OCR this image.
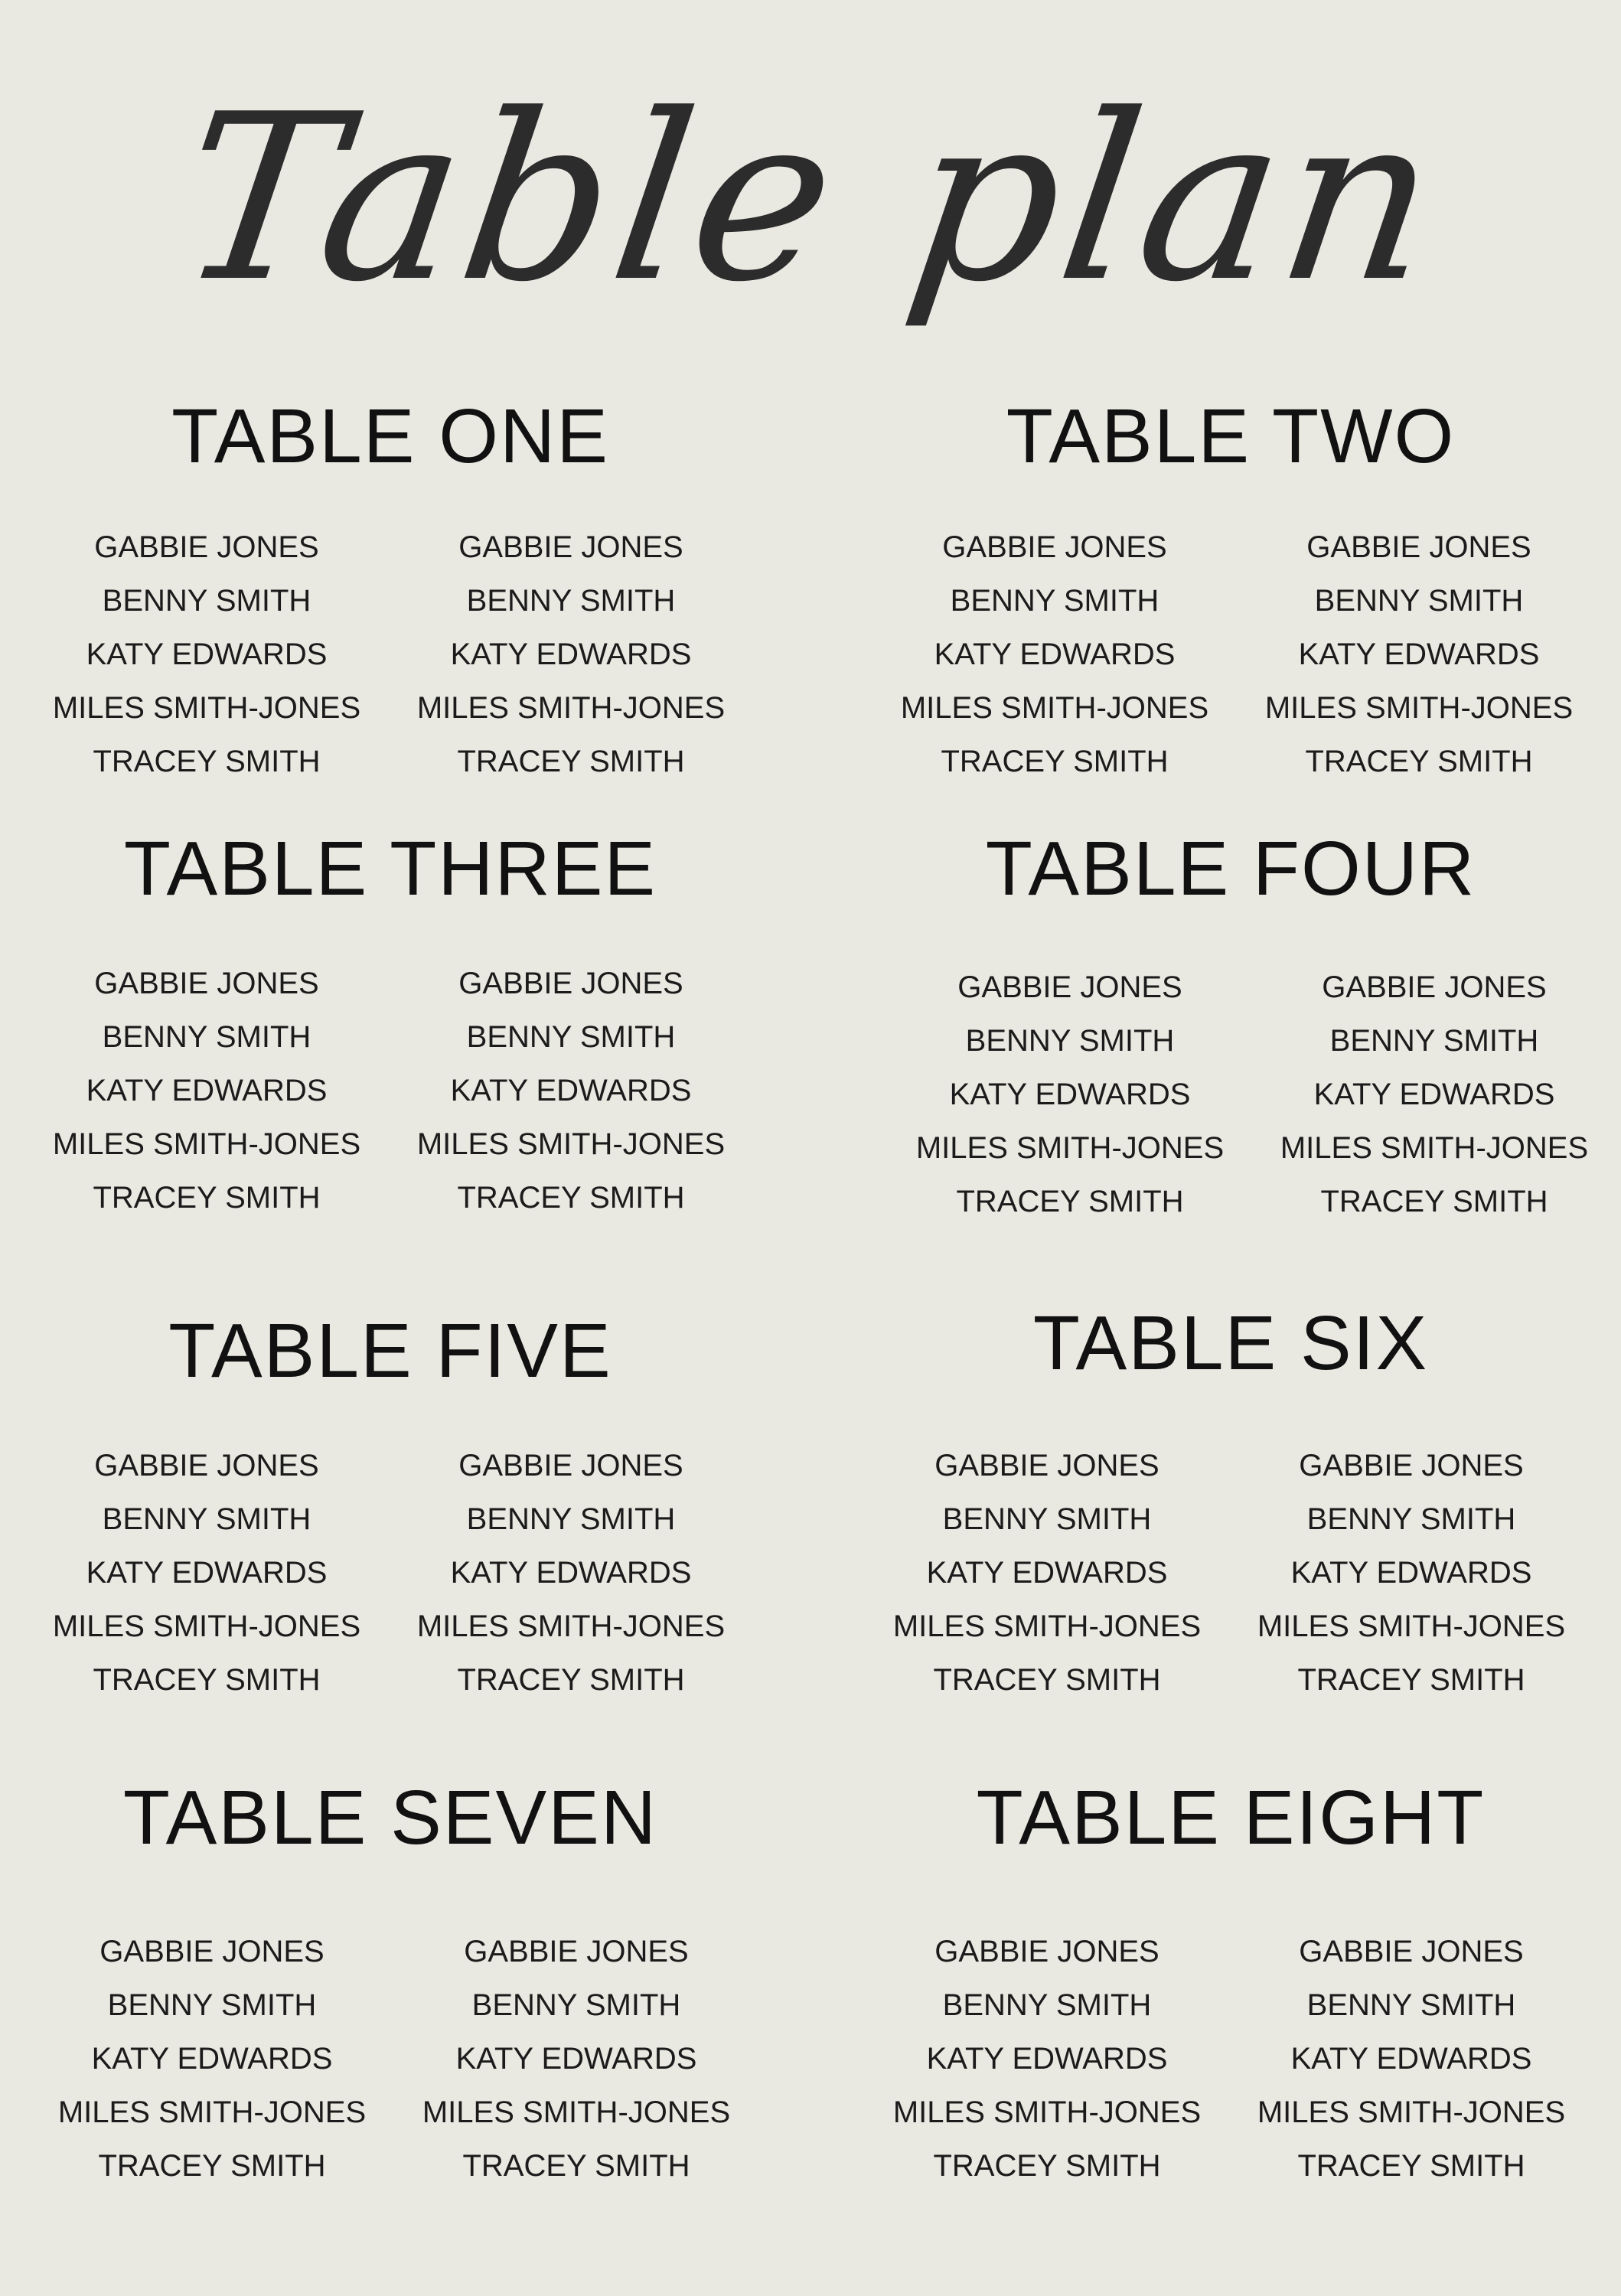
Table plan
TABLE ONE
GABBIE JONES
BENNY SMITH
KATY EDWARDS
MILES SMITH-JONES
TRACEY SMITH
GABBIE JONES
BENNY SMITH
KATY EDWARDS
MILES SMITH-JONES
TRACEY SMITH
TABLE TWO
GABBIE JONES
BENNY SMITH
KATY EDWARDS
MILES SMITH-JONES
TRACEY SMITH
GABBIE JONES
BENNY SMITH
KATY EDWARDS
MILES SMITH-JONES
TRACEY SMITH
TABLE THREE
GABBIE JONES
BENNY SMITH
KATY EDWARDS
MILES SMITH-JONES
TRACEY SMITH
GABBIE JONES
BENNY SMITH
KATY EDWARDS
MILES SMITH-JONES
TRACEY SMITH
TABLE FOUR
GABBIE JONES
BENNY SMITH
KATY EDWARDS
MILES SMITH-JONES
TRACEY SMITH
GABBIE JONES
BENNY SMITH
KATY EDWARDS
MILES SMITH-JONES
TRACEY SMITH
TABLE FIVE
GABBIE JONES
BENNY SMITH
KATY EDWARDS
MILES SMITH-JONES
TRACEY SMITH
GABBIE JONES
BENNY SMITH
KATY EDWARDS
MILES SMITH-JONES
TRACEY SMITH
TABLE SIX
GABBIE JONES
BENNY SMITH
KATY EDWARDS
MILES SMITH-JONES
TRACEY SMITH
GABBIE JONES
BENNY SMITH
KATY EDWARDS
MILES SMITH-JONES
TRACEY SMITH
TABLE SEVEN
GABBIE JONES
BENNY SMITH
KATY EDWARDS
MILES SMITH-JONES
TRACEY SMITH
GABBIE JONES
BENNY SMITH
KATY EDWARDS
MILES SMITH-JONES
TRACEY SMITH
TABLE EIGHT
GABBIE JONES
BENNY SMITH
KATY EDWARDS
MILES SMITH-JONES
TRACEY SMITH
GABBIE JONES
BENNY SMITH
KATY EDWARDS
MILES SMITH-JONES
TRACEY SMITH
